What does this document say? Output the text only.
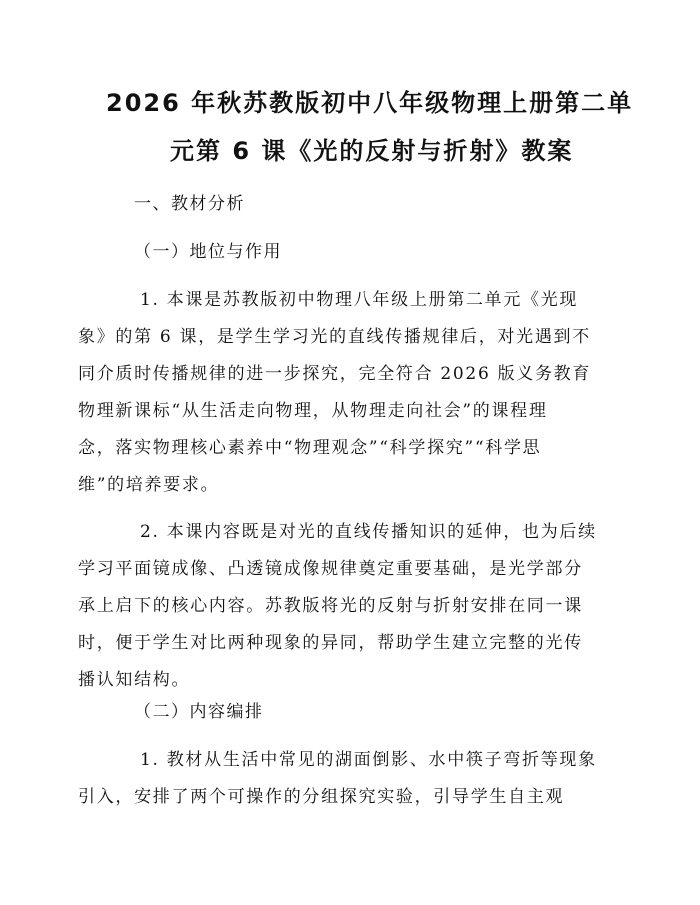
2026 年秋苏教版初中八年级物理上册第二单
元第 6 课《光的反射与折射》教案
一、教材分析
（一）地位与作用
1. 本课是苏教版初中物理八年级上册第二单元《光现
象》的第 6 课，是学生学习光的直线传播规律后，对光遇到不
同介质时传播规律的进一步探究，完全符合 2026 版义务教育
物理新课标“从生活走向物理，从物理走向社会”的课程理
念，落实物理核心素养中“物理观念”“科学探究”“科学思
维”的培养要求。
2. 本课内容既是对光的直线传播知识的延伸，也为后续
学习平面镜成像、凸透镜成像规律奠定重要基础，是光学部分
承上启下的核心内容。苏教版将光的反射与折射安排在同一课
时，便于学生对比两种现象的异同，帮助学生建立完整的光传
播认知结构。
（二）内容编排
1. 教材从生活中常见的湖面倒影、水中筷子弯折等现象
引入，安排了两个可操作的分组探究实验，引导学生自主观
